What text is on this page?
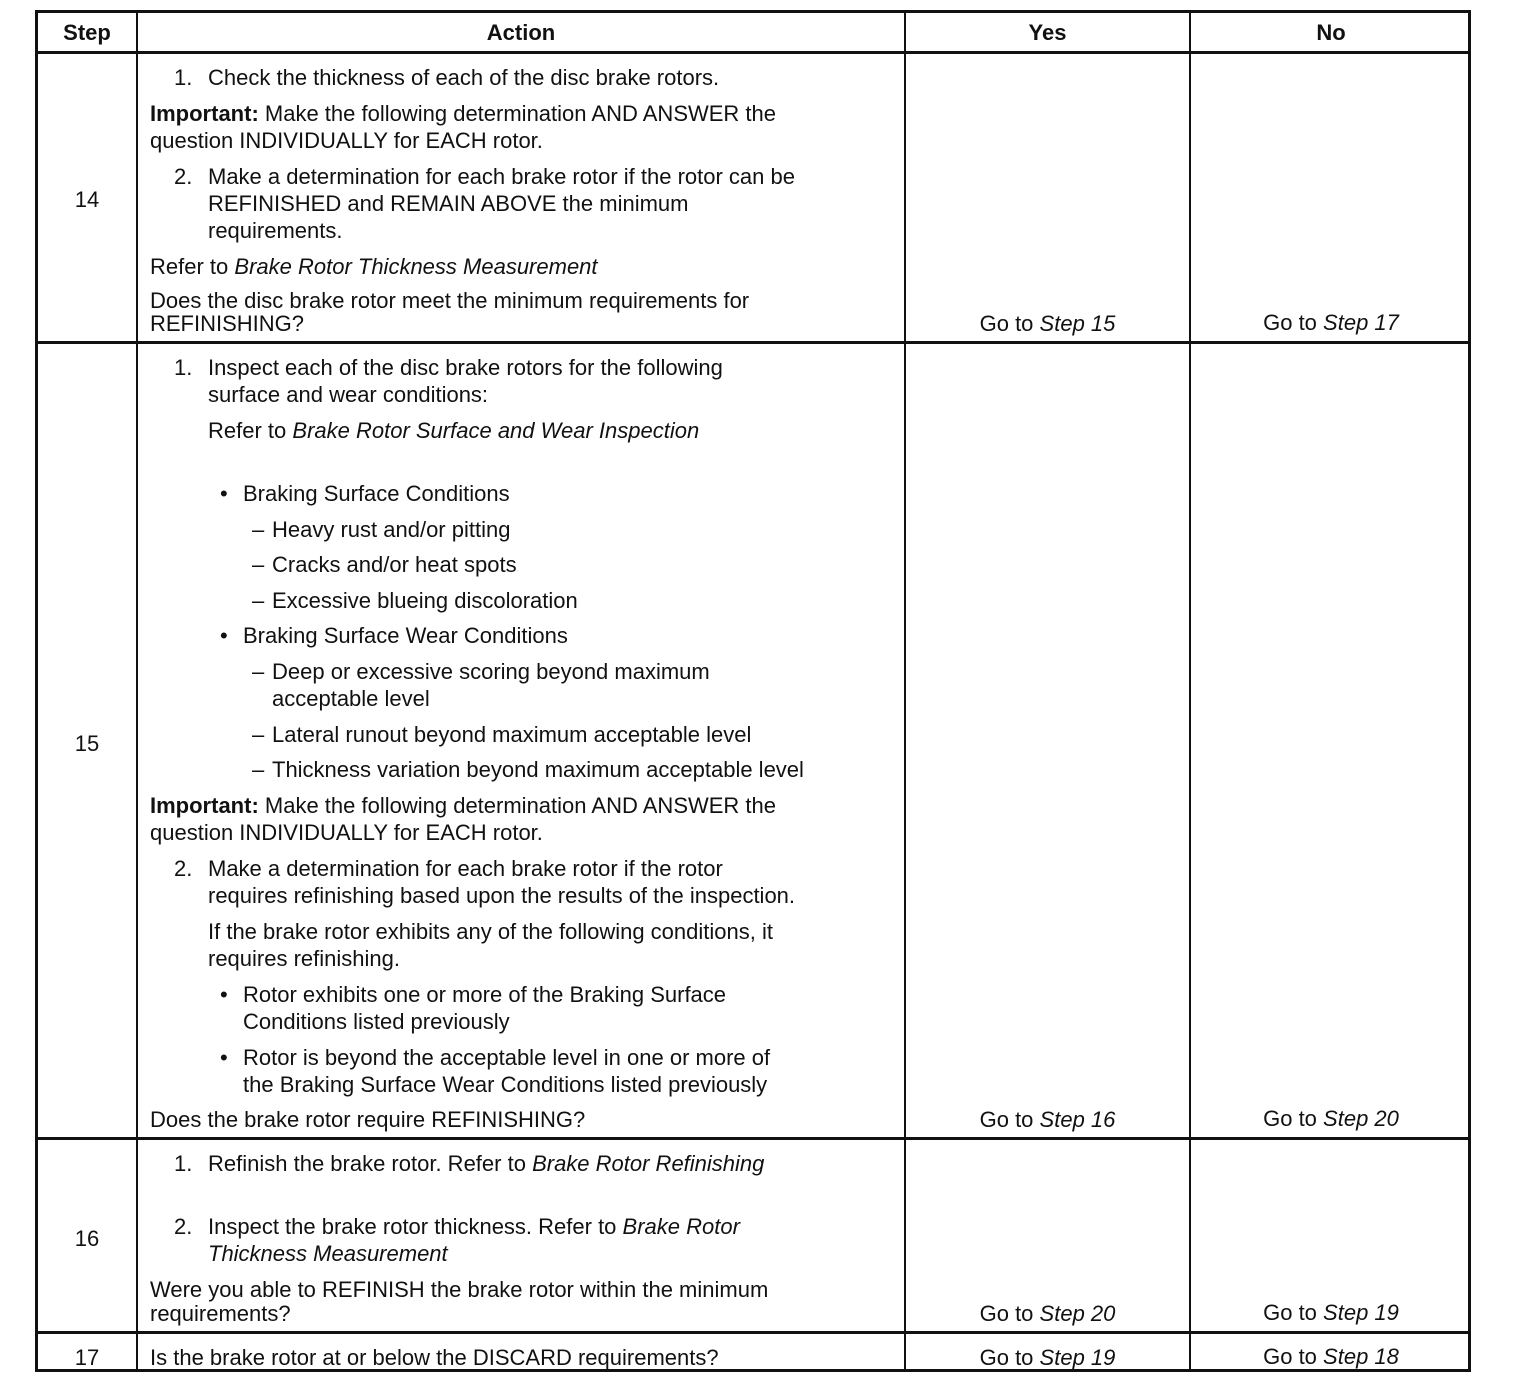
Step	Action	Yes	No
14
1. Check the thickness of each of the disc brake rotors.
Important: Make the following determination AND ANSWER the
question INDIVIDUALLY for EACH rotor.
2. Make a determination for each brake rotor if the rotor can be
REFINISHED and REMAIN ABOVE the minimum
requirements.
Refer to Brake Rotor Thickness Measurement
Does the disc brake rotor meet the minimum requirements for
REFINISHING?	Go to Step 15	Go to Step 17
15
1. Inspect each of the disc brake rotors for the following
surface and wear conditions:
Refer to Brake Rotor Surface and Wear Inspection
• Braking Surface Conditions
– Heavy rust and/or pitting
– Cracks and/or heat spots
– Excessive blueing discoloration
• Braking Surface Wear Conditions
– Deep or excessive scoring beyond maximum
acceptable level
– Lateral runout beyond maximum acceptable level
– Thickness variation beyond maximum acceptable level
Important: Make the following determination AND ANSWER the
question INDIVIDUALLY for EACH rotor.
2. Make a determination for each brake rotor if the rotor
requires refinishing based upon the results of the inspection.
If the brake rotor exhibits any of the following conditions, it
requires refinishing.
• Rotor exhibits one or more of the Braking Surface
Conditions listed previously
• Rotor is beyond the acceptable level in one or more of
the Braking Surface Wear Conditions listed previously
Does the brake rotor require REFINISHING?	Go to Step 16	Go to Step 20
16
1. Refinish the brake rotor. Refer to Brake Rotor Refinishing
2. Inspect the brake rotor thickness. Refer to Brake Rotor
Thickness Measurement
Were you able to REFINISH the brake rotor within the minimum
requirements?	Go to Step 20	Go to Step 19
17	Is the brake rotor at or below the DISCARD requirements?	Go to Step 19	Go to Step 18
